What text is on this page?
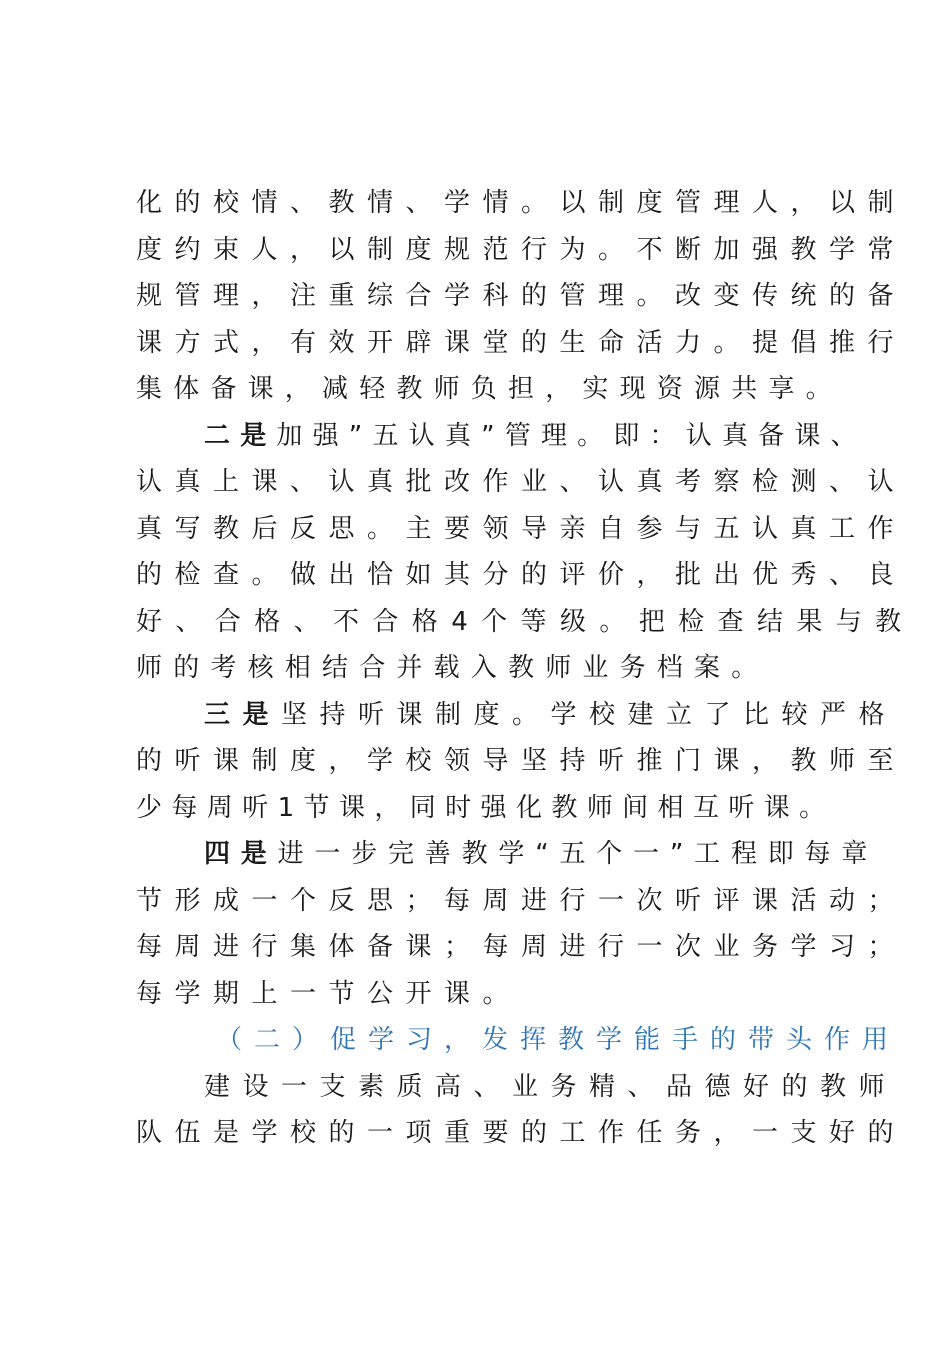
化的校情、教情、学情。以制度管理人，以制
度约束人，以制度规范行为。不断加强教学常
规管理，注重综合学科的管理。改变传统的备
课方式，有效开辟课堂的生命活力。提倡推行
集体备课，减轻教师负担，实现资源共享。
二是加强”五认真”管理。即：认真备课、
认真上课、认真批改作业、认真考察检测、认
真写教后反思。主要领导亲自参与五认真工作
的检查。做出恰如其分的评价，批出优秀、良
好、合格、不合格4个等级。把检查结果与教
师的考核相结合并载入教师业务档案。
三是坚持听课制度。学校建立了比较严格
的听课制度，学校领导坚持听推门课，教师至
少每周听1节课，同时强化教师间相互听课。
四是进一步完善教学“五个一”工程即每章
节形成一个反思；每周进行一次听评课活动；
每周进行集体备课；每周进行一次业务学习；
每学期上一节公开课。
（二）促学习，发挥教学能手的带头作用
建设一支素质高、业务精、品德好的教师
队伍是学校的一项重要的工作任务，一支好的
